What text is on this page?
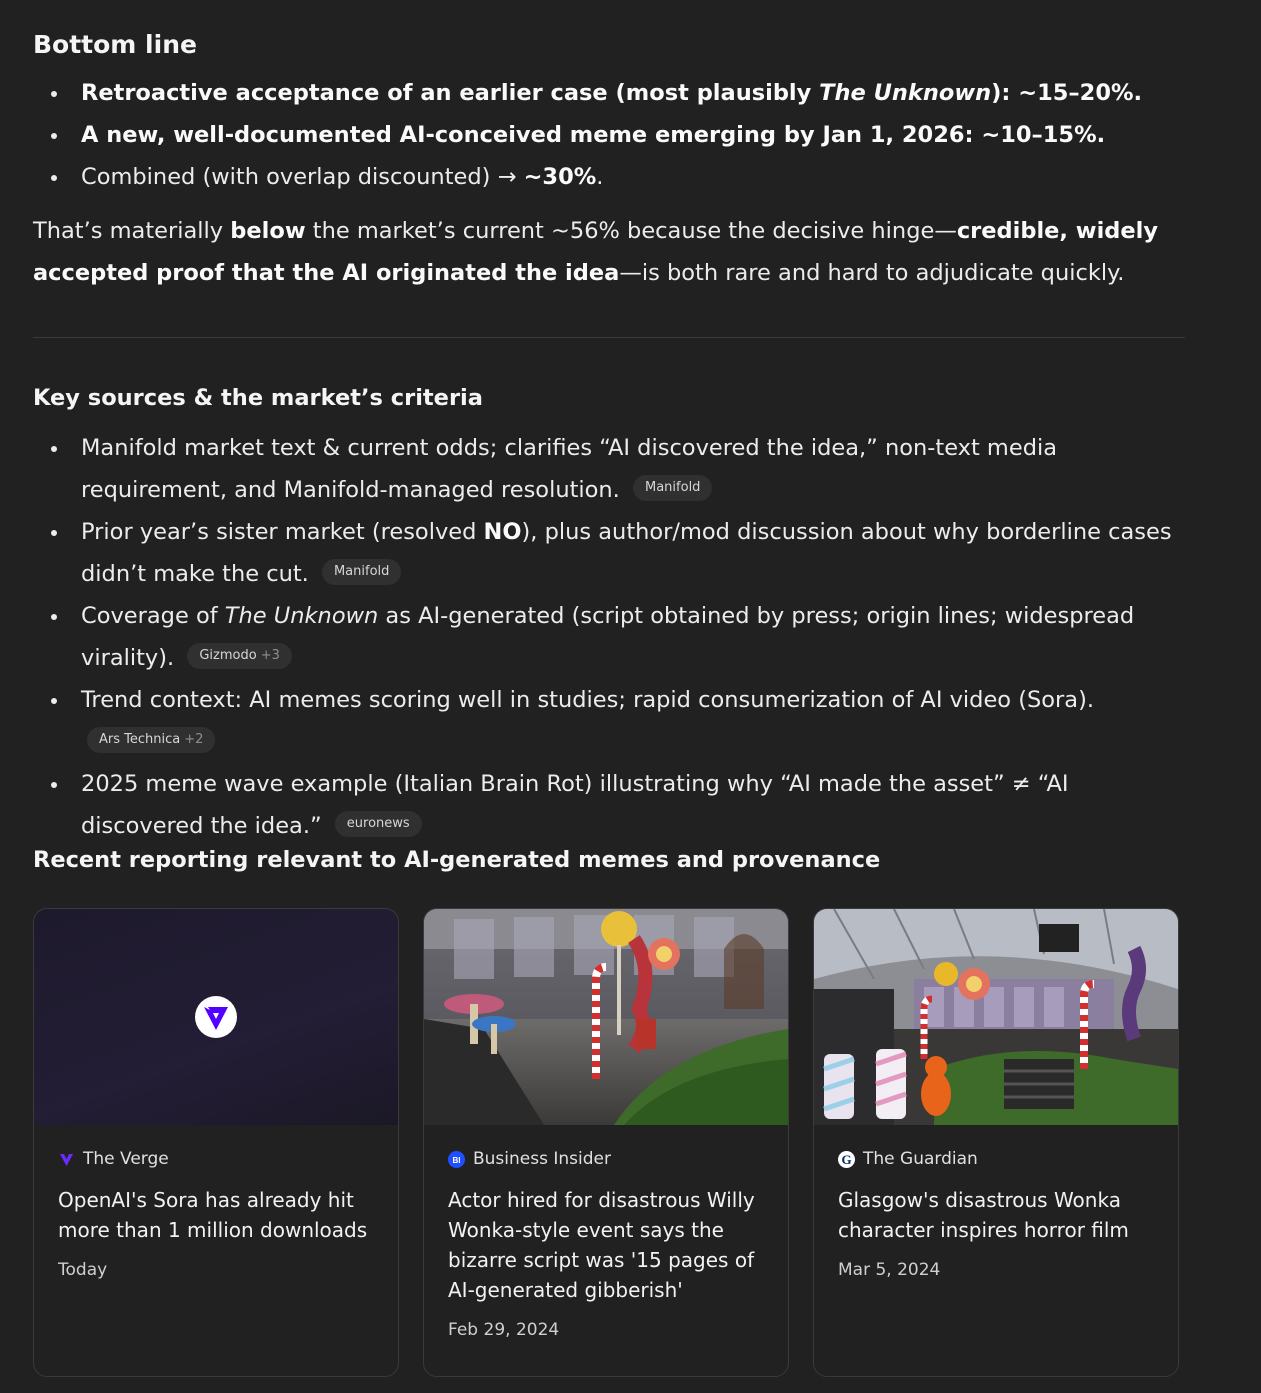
Bottom line
Retroactive acceptance of an earlier case (most plausibly The Unknown): ~15–20%.
A new, well-documented AI-conceived meme emerging by Jan 1, 2026: ~10–15%.
Combined (with overlap discounted) → ~30%.

That’s materially below the market’s current ~56% because the decisive hinge—credible, widely accepted proof that the AI originated the idea—is both rare and hard to adjudicate quickly.

Key sources & the market’s criteria
Manifold market text & current odds; clarifies “AI discovered the idea,” non-text media requirement, and Manifold-managed resolution. Manifold
Prior year’s sister market (resolved NO), plus author/mod discussion about why borderline cases didn’t make the cut. Manifold
Coverage of The Unknown as AI-generated (script obtained by press; origin lines; widespread virality). Gizmodo +3
Trend context: AI memes scoring well in studies; rapid consumerization of AI video (Sora). Ars Technica +2
2025 meme wave example (Italian Brain Rot) illustrating why “AI made the asset” ≠ “AI discovered the idea.” euronews
Recent reporting relevant to AI-generated memes and provenance
The Verge
OpenAI's Sora has already hit more than 1 million downloads
Today
BI Business Insider
Actor hired for disastrous Willy Wonka-style event says the bizarre script was '15 pages of AI-generated gibberish'
Feb 29, 2024
G The Guardian
Glasgow's disastrous Wonka character inspires horror film
Mar 5, 2024
